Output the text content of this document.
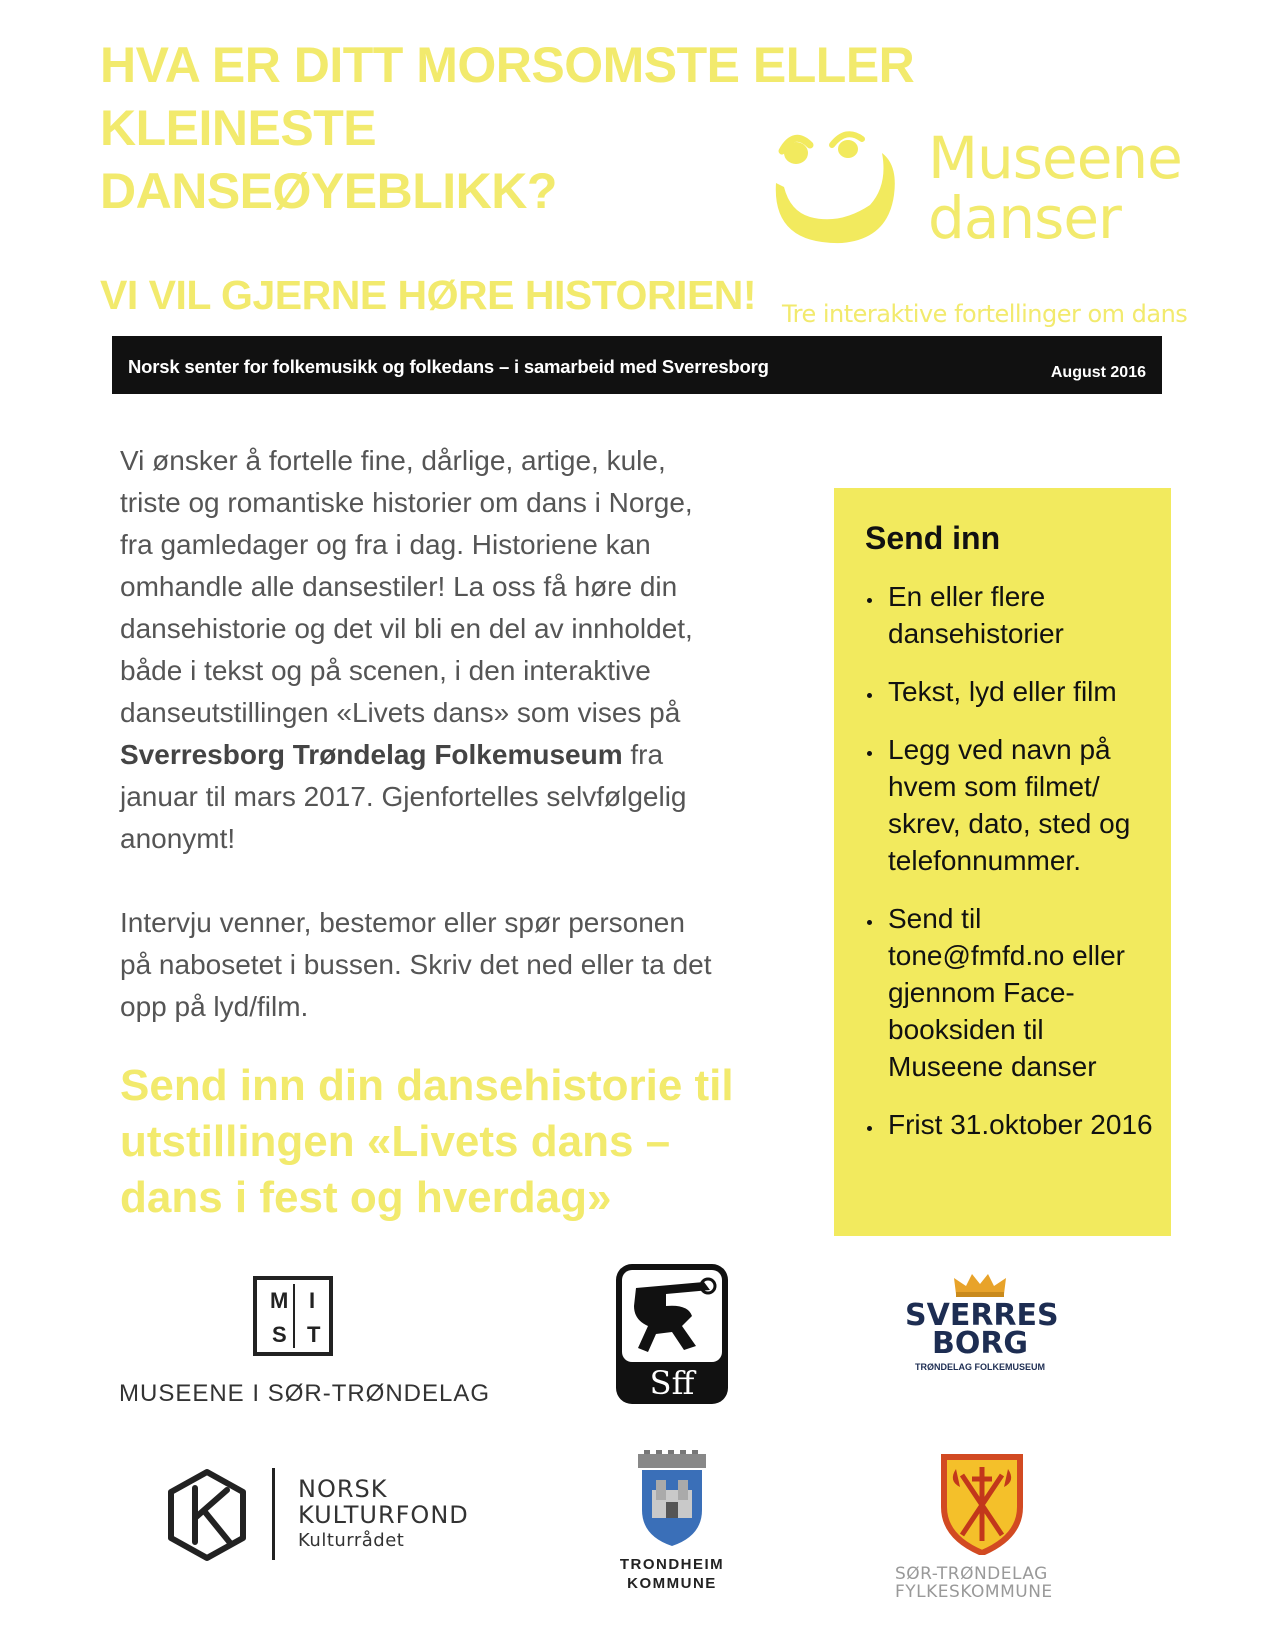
HVA ER DITT MORSOMSTE ELLER
KLEINESTE
DANSEØYEBLIKK?
VI VIL GJERNE HØRE HISTORIEN!
Museene
danser
Tre interaktive fortellinger om dans
Norsk senter for folkemusikk og folkedans – i samarbeid med Sverresborg	August 2016

Vi ønsker å fortelle fine, dårlige, artige, kule, triste og romantiske historier om dans i Norge, fra gamledager og fra i dag. Historiene kan omhandle alle dansestiler! La oss få høre din dansehistorie og det vil bli en del av innholdet, både i tekst og på scenen, i den interaktive danseutstillingen «Livets dans» som vises på Sverresborg Trøndelag Folkemuseum fra januar til mars 2017. Gjenfortelles selvfølgelig anonymt!

Intervju venner, bestemor eller spør personen på nabosetet i bussen. Skriv det ned eller ta det opp på lyd/film.

Send inn din dansehistorie til utstillingen «Livets dans – dans i fest og hverdag»
Send inn
En eller flere dansehistorier
Tekst, lyd eller film
Legg ved navn på hvem som filmet/ skrev, dato, sted og telefonnummer.
Send til tone@fmfd.no eller gjennom Face-booksiden til Museene danser
Frist 31.oktober 2016
M I
S T
MUSEENE I SØR-TRØNDELAG	Sff
SVERRES
BORG
TRØNDELAG FOLKEMUSEUM
NORSK
KULTURFOND
Kulturrådet
TRONDHEIM
KOMMUNE	SØR-TRØNDELAG
FYLKESKOMMUNE
